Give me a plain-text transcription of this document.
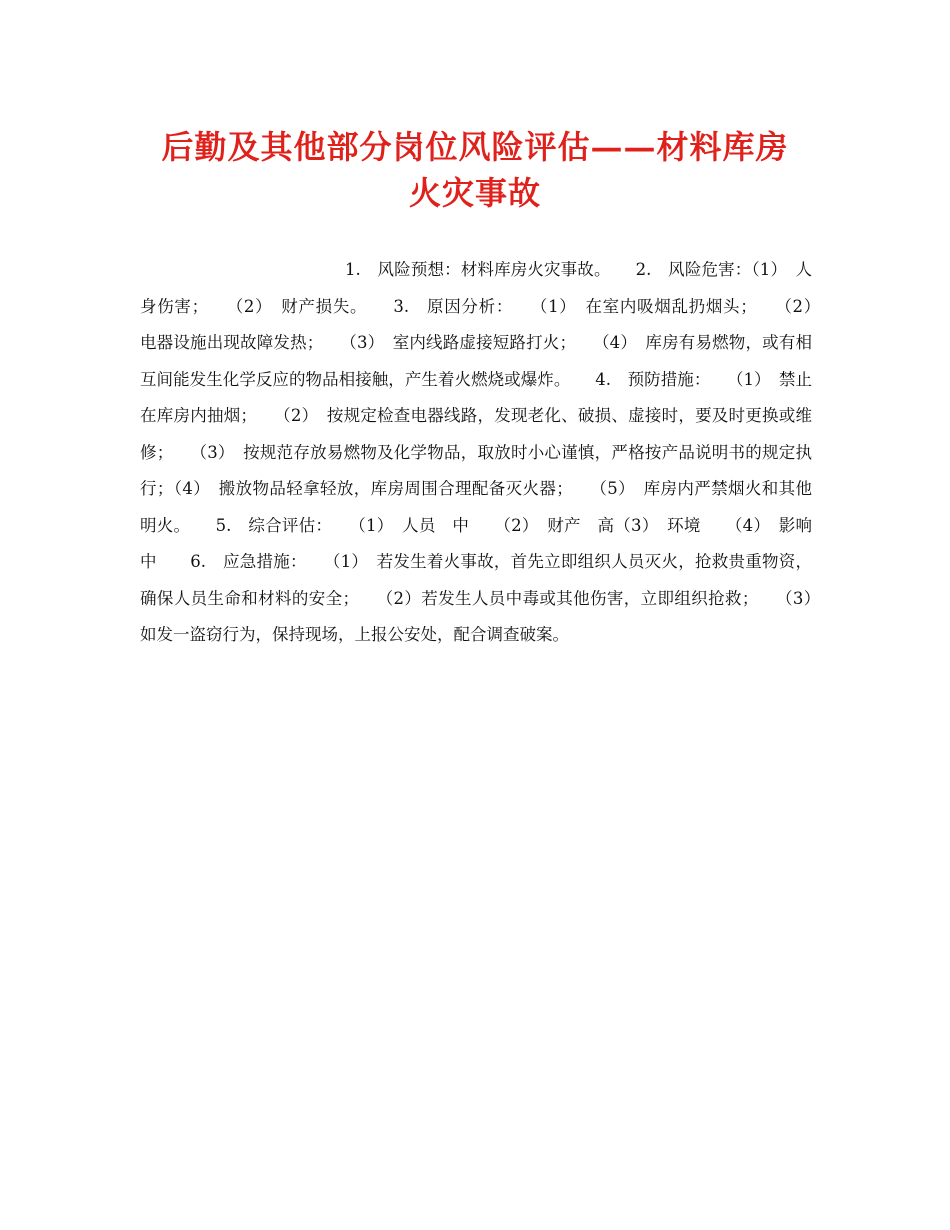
后勤及其他部分岗位风险评估——材料库房
火灾事故

1.　风险预想：材料库房火灾事故。　　2.　风险危害：（1）　人身伤害；　　（2）　财产损失。　　3.　原因分析：　　（1）　在室内吸烟乱扔烟头；　　（2）　电器设施出现故障发热；　　（3）　室内线路虚接短路打火；　　（4）　库房有易燃物，或有相互间能发生化学反应的物品相接触，产生着火燃烧或爆炸。　　4.　预防措施：　　（1）　禁止在库房内抽烟；　　（2）　按规定检查电器线路，发现老化、破损、虚接时，要及时更换或维修；　　（3）　按规范存放易燃物及化学物品，取放时小心谨慎，严格按产品说明书的规定执行；（4）　搬放物品轻拿轻放，库房周围合理配备灭火器；　　（5）　库房内严禁烟火和其他明火。　　5.　综合评估：　　（1）　人员　中　　（2）　财产　高（3）　环境　　（4）　影响 中　　6.　应急措施：　　（1）　若发生着火事故，首先立即组织人员灭火，抢救贵重物资，确保人员生命和材料的安全；　　（2）若发生人员中毒或其他伤害，立即组织抢救；　　（3）　如发一盗窃行为，保持现场，上报公安处，配合调查破案。
